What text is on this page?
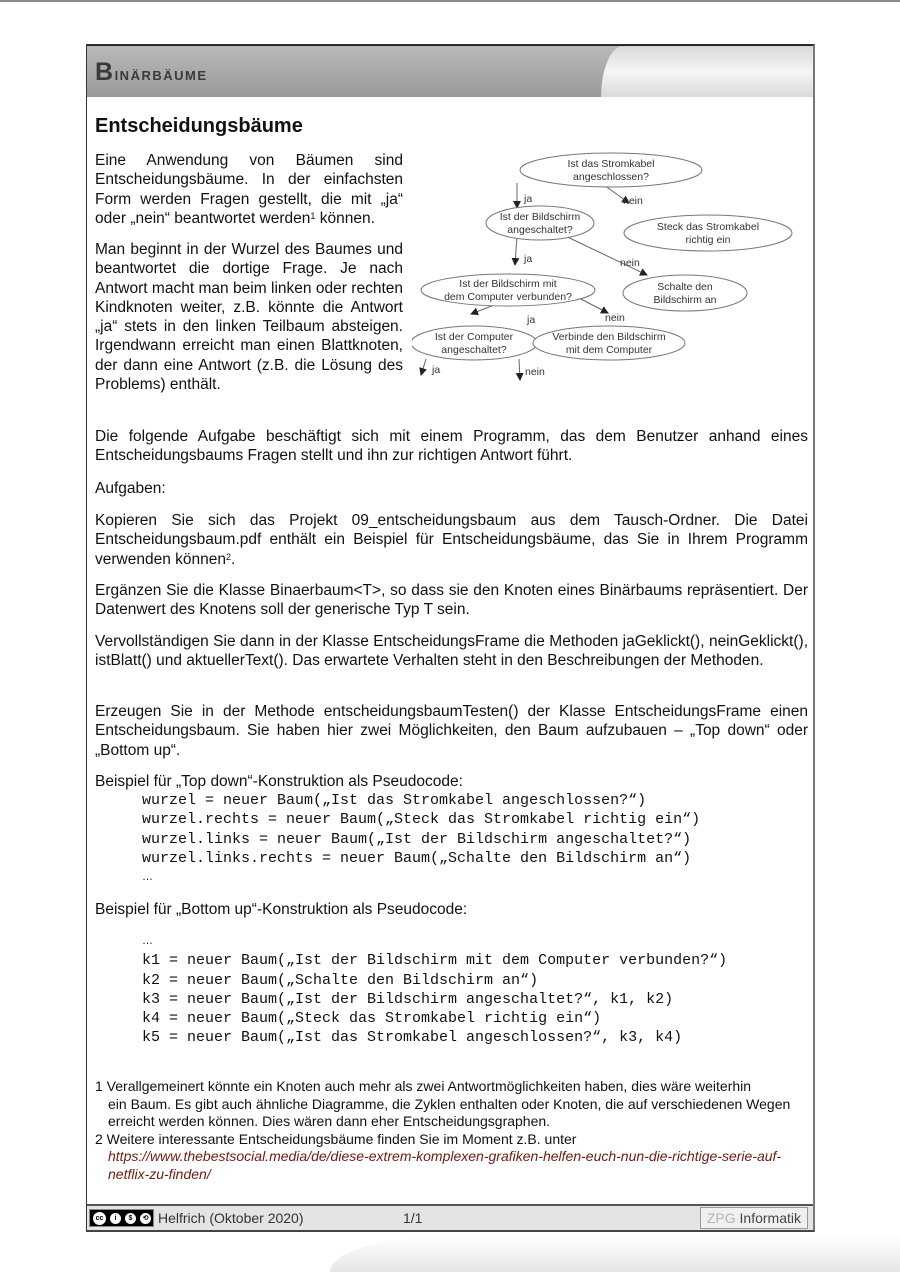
Binärbäume
Entscheidungsbäume

Eine Anwendung von Bäumen sind Entscheidungsbäume. In der einfachsten Form werden Fragen gestellt, die mit „ja“ oder „nein“ beantwortet werden$^1$ können.

Man beginnt in der Wurzel des Baumes und beantwortet die dortige Frage. Je nach Antwort macht man beim linken oder rechten Kindknoten weiter, z.B. könnte die Antwort „ja“ stets in den linken Teilbaum absteigen. Irgendwann erreicht man einen Blattknoten, der dann eine Antwort (z.B. die Lösung des Problems) enthält.

Ist das Stromkabel
angeschlossen?
Ist der Bildschirm
angeschaltet?	Steck das Stromkabel
richtig ein
Ist der Bildschirm mit
dem Computer verbunden?
Schalte den
Bildschirm an
Ist der Computer
angeschaltet?
Verbinde den Bildschirm
mit dem Computer
ja	nein
ja	nein
ja	nein
ja	nein

Die folgende Aufgabe beschäftigt sich mit einem Programm, das dem Benutzer anhand eines Entscheidungsbaums Fragen stellt und ihn zur richtigen Antwort führt.

Aufgaben:

Kopieren Sie sich das Projekt 09_entscheidungsbaum aus dem Tausch-Ordner. Die Datei Entscheidungsbaum.pdf enthält ein Beispiel für Entscheidungsbäume, das Sie in Ihrem Programm verwenden können$^2$.

Ergänzen Sie die Klasse Binaerbaum<T>, so dass sie den Knoten eines Binärbaums repräsentiert. Der Datenwert des Knotens soll der generische Typ T sein.

Vervollständigen Sie dann in der Klasse EntscheidungsFrame die Methoden jaGeklickt(), neinGeklickt(), istBlatt() und aktuellerText(). Das erwartete Verhalten steht in den Beschreibungen der Methoden.

Erzeugen Sie in der Methode entscheidungsbaumTesten() der Klasse EntscheidungsFrame einen Entscheidungsbaum. Sie haben hier zwei Möglichkeiten, den Baum aufzubauen – „Top down“ oder „Bottom up“.

Beispiel für „Top down“-Konstruktion als Pseudocode:

wurzel = neuer Baum(„Ist das Stromkabel angeschlossen?“)
wurzel.rechts = neuer Baum(„Steck das Stromkabel richtig ein“)
wurzel.links = neuer Baum(„Ist der Bildschirm angeschaltet?“)
wurzel.links.rechts = neuer Baum(„Schalte den Bildschirm an“)
…

Beispiel für „Bottom up“-Konstruktion als Pseudocode:

…
k1 = neuer Baum(„Ist der Bildschirm mit dem Computer verbunden?“)
k2 = neuer Baum(„Schalte den Bildschirm an“)
k3 = neuer Baum(„Ist der Bildschirm angeschaltet?“, k1, k2)
k4 = neuer Baum(„Steck das Stromkabel richtig ein“)
k5 = neuer Baum(„Ist das Stromkabel angeschlossen?“, k3, k4)
1 Verallgemeinert könnte ein Knoten auch mehr als zwei Antwortmöglichkeiten haben, dies wäre weiterhin
ein Baum. Es gibt auch ähnliche Diagramme, die Zyklen enthalten oder Knoten, die auf verschiedenen Wegen erreicht werden können. Dies wären dann eher Entscheidungsgraphen.
2 Weitere interessante Entscheidungsbäume finden Sie im Moment z.B. unter
https://www.thebestsocial.media/de/diese-extrem-komplexen-grafiken-helfen-euch-nun-die-richtige-serie-auf-netflix-zu-finden/
cc	i	$	⟲ Helfrich (Oktober 2020)	1/1	ZPG Informatik
